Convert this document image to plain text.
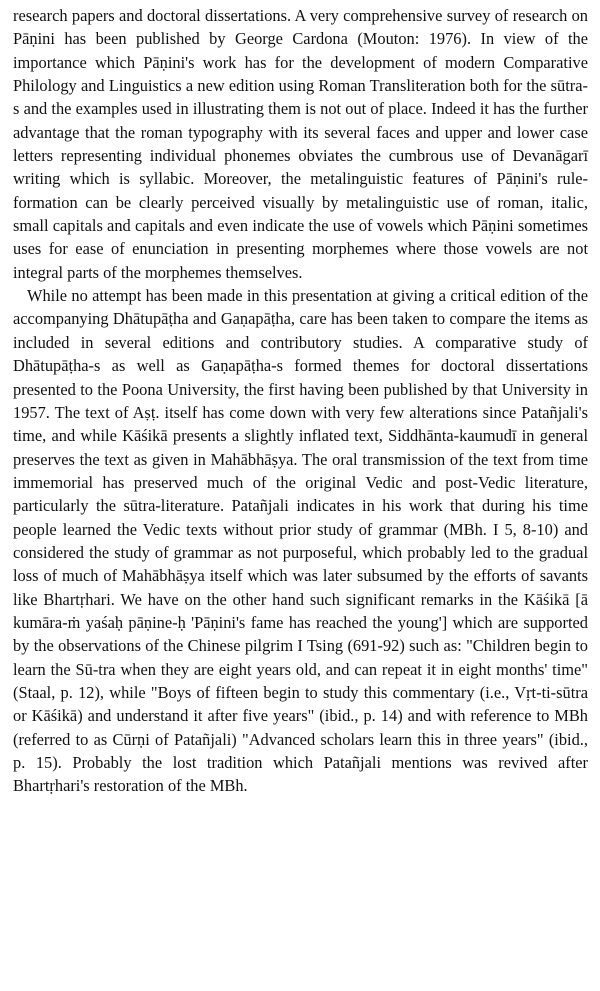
research papers and doctoral dissertations. A very comprehensive survey of research on Pāṇini has been published by George Cardona (Mouton: 1976). In view of the importance which Pāṇini's work has for the development of modern Comparative Philology and Linguistics a new edition using Roman Transliteration both for the sūtra-s and the examples used in illustrating them is not out of place. Indeed it has the further advantage that the roman typography with its several faces and upper and lower case letters representing individual phonemes obviates the cumbrous use of Devanāgarī writing which is syllabic. Moreover, the metalinguistic features of Pāṇini's rule-formation can be clearly perceived visually by metalinguistic use of roman, italic, small capitals and capitals and even indicate the use of vowels which Pāṇini sometimes uses for ease of enunciation in presenting morphemes where those vowels are not integral parts of the morphemes themselves.

While no attempt has been made in this presentation at giving a critical edition of the accompanying Dhātupāṭha and Gaṇapāṭha, care has been taken to compare the items as included in several editions and contributory studies. A comparative study of Dhātupāṭha-s as well as Gaṇapāṭha-s formed themes for doctoral dissertations presented to the Poona University, the first having been published by that University in 1957. The text of Aṣṭ. itself has come down with very few alterations since Patañjali's time, and while Kāśikā presents a slightly inflated text, Siddhānta-kaumudī in general preserves the text as given in Mahābhāṣya. The oral transmission of the text from time immemorial has preserved much of the original Vedic and post-Vedic literature, particularly the sūtra-literature. Patañjali indicates in his work that during his time people learned the Vedic texts without prior study of grammar (MBh. I 5, 8-10) and considered the study of grammar as not purposeful, which probably led to the gradual loss of much of Mahābhāṣya itself which was later subsumed by the efforts of savants like Bhartṛhari. We have on the other hand such significant remarks in the Kāśikā [ā kumāra-ṁ yaśaḥ pāṇine-ḥ 'Pāṇini's fame has reached the young'] which are supported by the observations of the Chinese pilgrim I Tsing (691-92) such as: "Children begin to learn the Sū-tra when they are eight years old, and can repeat it in eight months' time" (Staal, p. 12), while "Boys of fifteen begin to study this commentary (i.e., Vṛt-ti-sūtra or Kāśikā) and understand it after five years" (ibid., p. 14) and with reference to MBh (referred to as Cūrṇi of Patañjali) "Advanced scholars learn this in three years" (ibid., p. 15). Probably the lost tradition which Patañjali mentions was revived after Bhartṛhari's restoration of the MBh.
